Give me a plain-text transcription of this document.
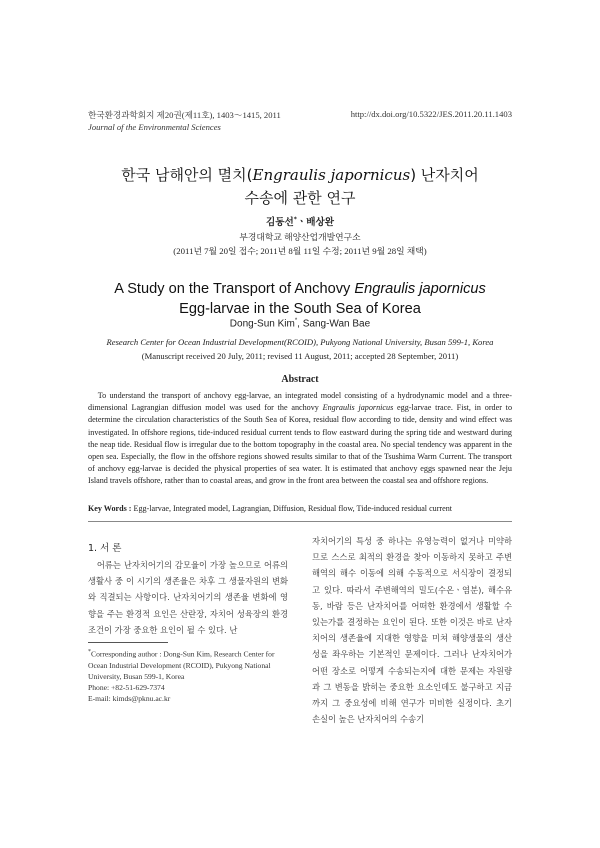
한국환경과학회지 제20권(제11호), 1403～1415, 2011
Journal of the Environmental Sciences
http://dx.doi.org/10.5322/JES.2011.20.11.1403
한국 남해안의 멸치(Engraulis japornicus) 난자치어
수송에 관한 연구
김동선*ㆍ배상완
부경대학교 해양산업개발연구소
(2011년 7월 20일 접수; 2011년 8월 11일 수정; 2011년 9월 28일 채택)
A Study on the Transport of Anchovy Engraulis japornicus
Egg-larvae in the South Sea of Korea
Dong-Sun Kim*, Sang-Wan Bae
Research Center for Ocean Industrial Development(RCOID), Pukyong National University, Busan 599-1, Korea
(Manuscript received 20 July, 2011; revised 11 August, 2011; accepted 28 September, 2011)
Abstract
To understand the transport of anchovy egg-larvae, an integrated model consisting of a hydrodynamic model and a three-dimensional Lagrangian diffusion model was used for the anchovy Engraulis japornicus egg-larvae trace. Fist, in order to determine the circulation characteristics of the South Sea of Korea, residual flow according to tide, density and wind effect was investigated. In offshore regions, tide-induced residual current tends to flow eastward during the spring tide and westward during the neap tide. Residual flow is irregular due to the bottom topography in the coastal area. No special tendency was apparent in the open sea. Especially, the flow in the offshore regions showed results similar to that of the Tsushima Warm Current. The transport of anchovy egg-larvae is decided the physical properties of sea water. It is estimated that anchovy eggs spawned near the Jeju Island travels offshore, rather than to coastal areas, and grow in the front area between the coastal sea and offshore regions.
Key Words : Egg-larvae, Integrated model, Lagrangian, Diffusion, Residual flow, Tide-induced residual current
1. 서 론
어류는 난자치어기의 감모율이 가장 높으므로 어류의 생활사 중 이 시기의 생존율은 차후 그 생물자원의 변화와 직결되는 사항이다. 난자치어기의 생존율 변화에 영향을 주는 환경적 요인은 산란장, 자치어 성육장의 환경조건이 가장 중요한 요인이 될 수 있다. 난
자치어기의 특성 중 하나는 유영능력이 없거나 미약하므로 스스로 최적의 환경을 찾아 이동하지 못하고 주변해역의 해수 이동에 의해 수동적으로 서식장이 결정되고 있다. 따라서 주변해역의 밀도(수온ㆍ염분), 해수유동, 바람 등은 난자치어를 어떠한 환경에서 생활할 수 있는가를 결정하는 요인이 된다. 또한 이것은 바로 난자치어의 생존율에 지대한 영향을 미쳐 해양생물의 생산성을 좌우하는 기본적인 문제이다. 그러나 난자치어가 어떤 장소로 어떻게 수송되는지에 대한 문제는 자원량과 그 변동을 밝히는 중요한 요소인데도 불구하고 지금까지 그 중요성에 비해 연구가 미비한 실정이다. 초기 손실이 높은 난자치어의 수송기
*Corresponding author : Dong-Sun Kim, Research Center for Ocean Industrial Development (RCOID), Pukyong National University, Busan 599-1, Korea
Phone: +82-51-629-7374
E-mail: kimds@pknu.ac.kr
